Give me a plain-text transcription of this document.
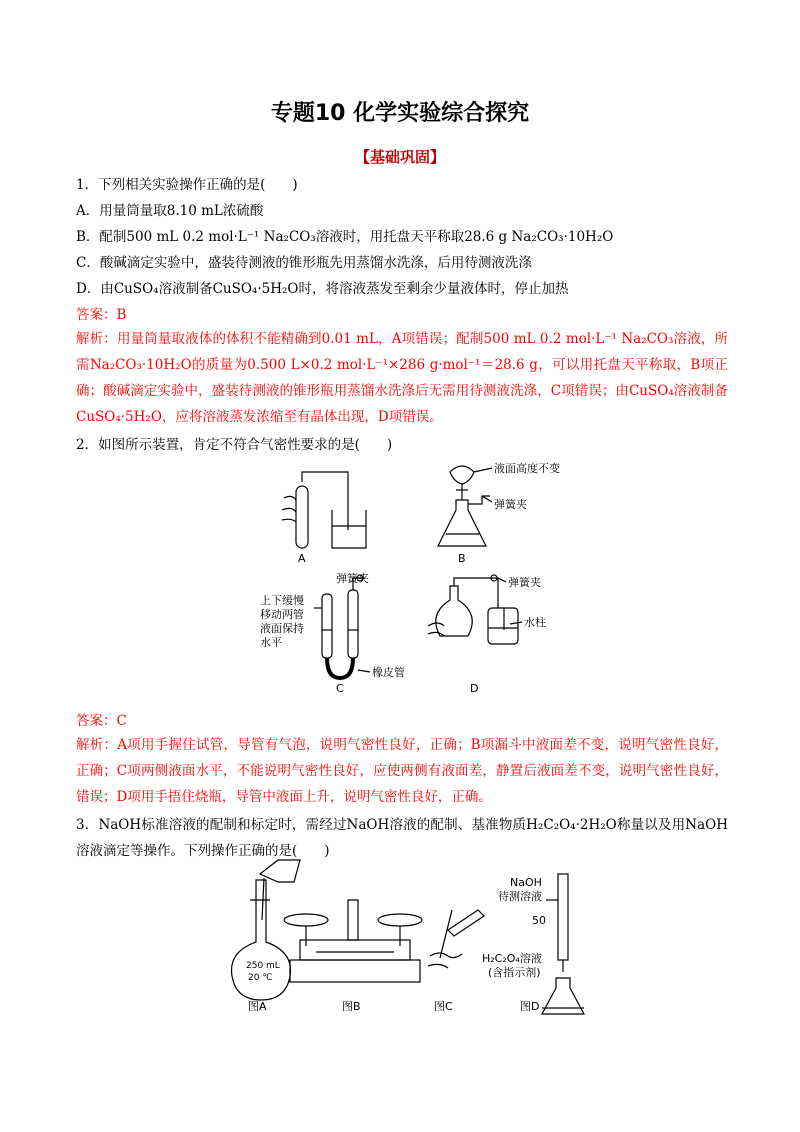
专题10 化学实验综合探究
【基础巩固】
1．下列相关实验操作正确的是(　　)
A．用量筒量取8.10 mL浓硫酸
B．配制500 mL 0.2 mol·L⁻¹ Na₂CO₃溶液时，用托盘天平称取28.6 g Na₂CO₃·10H₂O
C．酸碱滴定实验中，盛装待测液的锥形瓶先用蒸馏水洗涤，后用待测液洗涤
D．由CuSO₄溶液制备CuSO₄·5H₂O时，将溶液蒸发至剩余少量液体时，停止加热
答案：B
解析：用量筒量取液体的体积不能精确到0.01 mL，A项错误；配制500 mL 0.2 mol·L⁻¹ Na₂CO₃溶液，所需Na₂CO₃·10H₂O的质量为0.500 L×0.2 mol·L⁻¹×286 g·mol⁻¹＝28.6 g，可以用托盘天平称取，B项正确；酸碱滴定实验中，盛装待测液的锥形瓶用蒸馏水洗涤后无需用待测液洗涤，C项错误；由CuSO₄溶液制备CuSO₄·5H₂O，应将溶液蒸发浓缩至有晶体出现，D项错误。
2．如图所示装置，肯定不符合气密性要求的是(　　)
A	B
液面高度不变
弹簧夹
上下缓慢
移动两管
液面保持
水平
弹簧夹
橡皮管
C
弹簧夹
水柱
D
答案：C
解析：A项用手握住试管，导管有气泡，说明气密性良好，正确；B项漏斗中液面差不变，说明气密性良好，正确；C项两侧液面水平，不能说明气密性良好，应使两侧有液面差，静置后液面差不变，说明气密性良好，错误；D项用手捂住烧瓶，导管中液面上升，说明气密性良好，正确。
3．NaOH标准溶液的配制和标定时，需经过NaOH溶液的配制、基准物质H₂C₂O₄·2H₂O称量以及用NaOH溶液滴定等操作。下列操作正确的是(　　)
250 mL
20 ℃
NaOH
待测溶液
50
H₂C₂O₄溶液
(含指示剂)
图A	图B	图C	图D
